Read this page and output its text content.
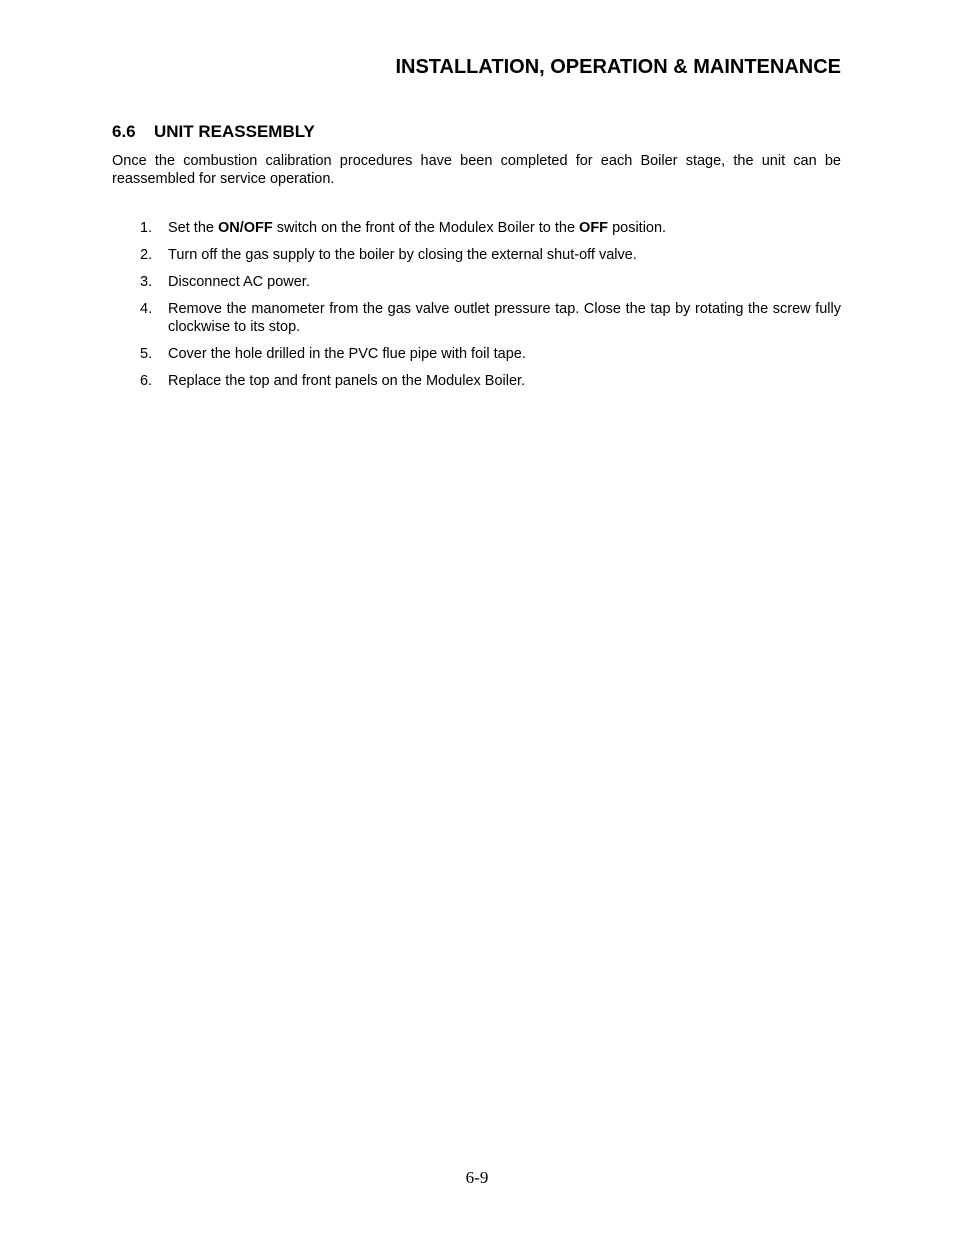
INSTALLATION, OPERATION & MAINTENANCE
6.6 UNIT REASSEMBLY

Once the combustion calibration procedures have been completed for each Boiler stage, the unit can be reassembled for service operation.

1. Set the ON/OFF switch on the front of the Modulex Boiler to the OFF position.
2. Turn off the gas supply to the boiler by closing the external shut-off valve.
3. Disconnect AC power.
4. Remove the manometer from the gas valve outlet pressure tap. Close the tap by rotating the screw fully clockwise to its stop.
5. Cover the hole drilled in the PVC flue pipe with foil tape.
6. Replace the top and front panels on the Modulex Boiler.
6-9
